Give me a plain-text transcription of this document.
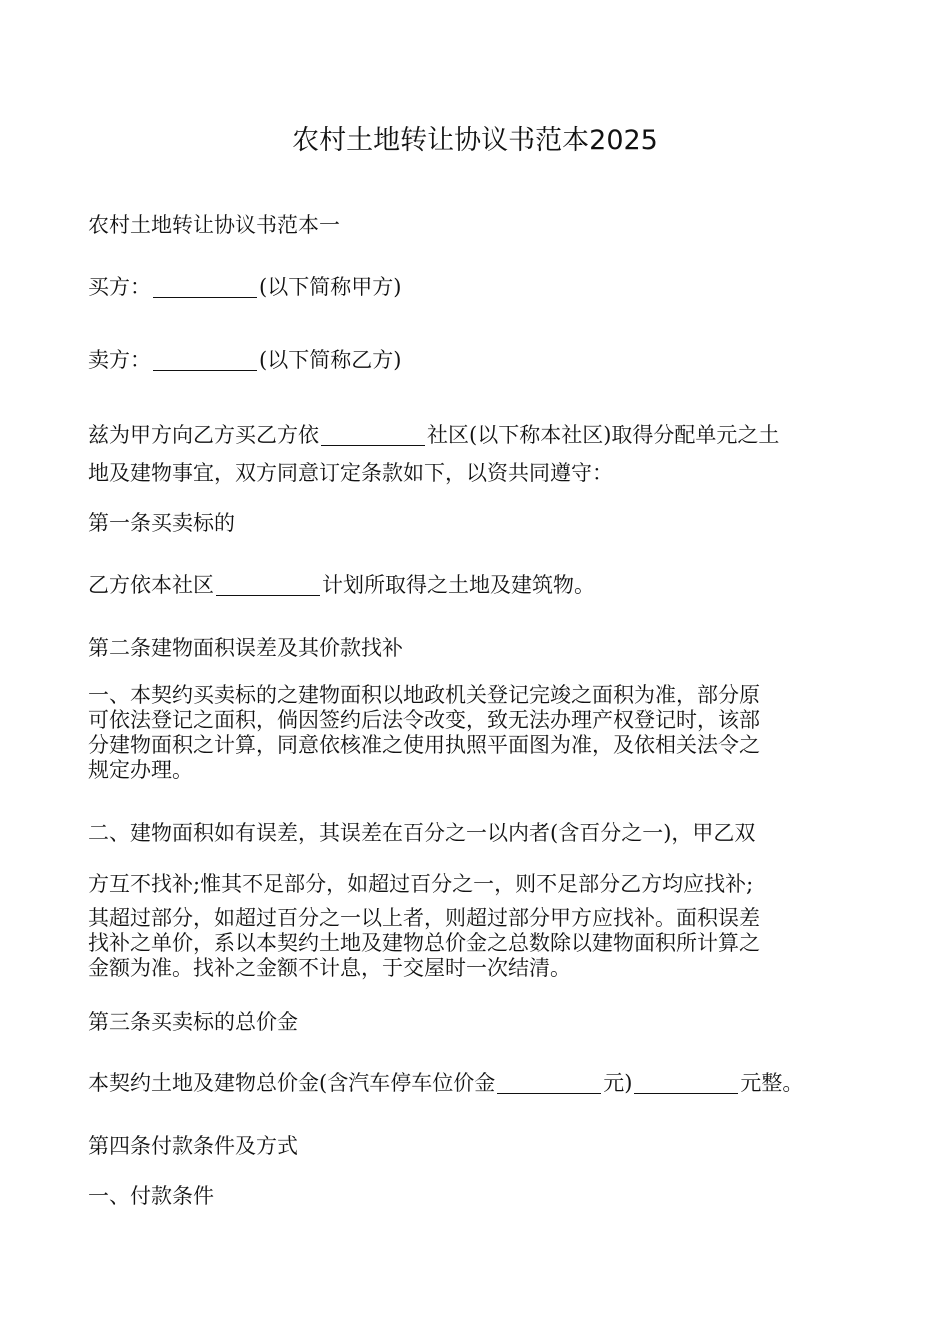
农村土地转让协议书范本2025
农村土地转让协议书范本一
买方：	(以下简称甲方)
卖方：	(以下简称乙方)
兹为甲方向乙方买乙方依	社区(以下称本社区)取得分配单元之土
地及建物事宜，双方同意订定条款如下，以资共同遵守：
第一条买卖标的
乙方依本社区	计划所取得之土地及建筑物。
第二条建物面积误差及其价款找补
一、本契约买卖标的之建物面积以地政机关登记完竣之面积为准，部分原
可依法登记之面积，倘因签约后法令改变，致无法办理产权登记时，该部
分建物面积之计算，同意依核准之使用执照平面图为准，及依相关法令之
规定办理。
二、建物面积如有误差，其误差在百分之一以内者(含百分之一)，甲乙双
方互不找补;惟其不足部分，如超过百分之一，则不足部分乙方均应找补;
其超过部分，如超过百分之一以上者，则超过部分甲方应找补。面积误差
找补之单价，系以本契约土地及建物总价金之总数除以建物面积所计算之
金额为准。找补之金额不计息，于交屋时一次结清。
第三条买卖标的总价金
本契约土地及建物总价金(含汽车停车位价金	元)	元整。
第四条付款条件及方式
一、付款条件
